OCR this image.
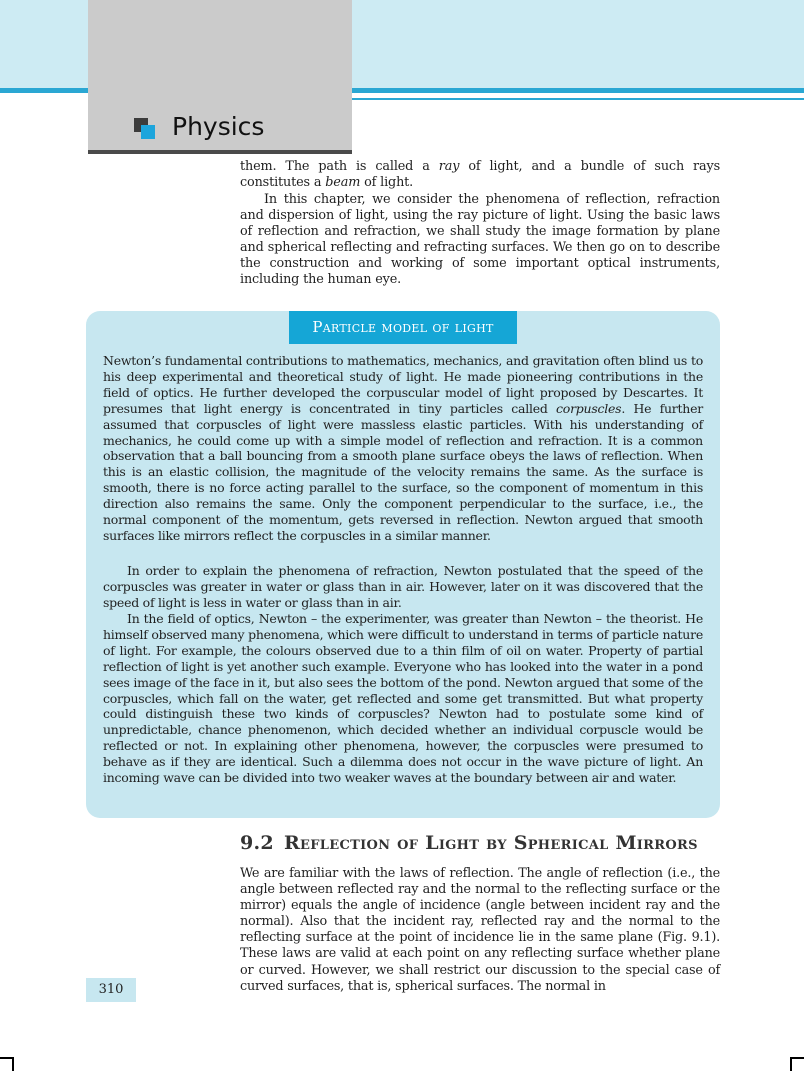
Physics

them. The path is called a ray of light, and a bundle of such rays constitutes a beam of light.

In this chapter, we consider the phenomena of reflection, refraction and dispersion of light, using the ray picture of light. Using the basic laws of reflection and refraction, we shall study the image formation by plane and spherical reflecting and refracting surfaces. We then go on to describe the construction and working of some important optical instruments, including the human eye.

Newton’s fundamental contributions to mathematics, mechanics, and gravitation often blind us to his deep experimental and theoretical study of light. He made pioneering contributions in the field of optics. He further developed the corpuscular model of light proposed by Descartes. It presumes that light energy is concentrated in tiny particles called corpuscles. He further assumed that corpuscles of light were massless elastic particles. With his understanding of mechanics, he could come up with a simple model of reflection and refraction. It is a common observation that a ball bouncing from a smooth plane surface obeys the laws of reflection. When this is an elastic collision, the magnitude of the velocity remains the same. As the surface is smooth, there is no force acting parallel to the surface, so the component of momentum in this direction also remains the same. Only the component perpendicular to the surface, i.e., the normal component of the momentum, gets reversed in reflection. Newton argued that smooth surfaces like mirrors reflect the corpuscles in a similar manner.

In order to explain the phenomena of refraction, Newton postulated that the speed of the corpuscles was greater in water or glass than in air. However, later on it was discovered that the speed of light is less in water or glass than in air.

In the field of optics, Newton – the experimenter, was greater than Newton – the theorist. He himself observed many phenomena, which were difficult to understand in terms of particle nature of light. For example, the colours observed due to a thin film of oil on water. Property of partial reflection of light is yet another such example. Everyone who has looked into the water in a pond sees image of the face in it, but also sees the bottom of the pond. Newton argued that some of the corpuscles, which fall on the water, get reflected and some get transmitted. But what property could distinguish these two kinds of corpuscles? Newton had to postulate some kind of unpredictable, chance phenomenon, which decided whether an individual corpuscle would be reflected or not. In explaining other phenomena, however, the corpuscles were presumed to behave as if they are identical. Such a dilemma does not occur in the wave picture of light. An incoming wave can be divided into two weaker waves at the boundary between air and water.

Particle model of light
9.2 Reflection of Light by Spherical Mirrors

We are familiar with the laws of reflection. The angle of reflection (i.e., the angle between reflected ray and the normal to the reflecting surface or the mirror) equals the angle of incidence (angle between incident ray and the normal). Also that the incident ray, reflected ray and the normal to the reflecting surface at the point of incidence lie in the same plane (Fig. 9.1). These laws are valid at each point on any reflecting surface whether plane or curved. However, we shall restrict our discussion to the special case of curved surfaces, that is, spherical surfaces. The normal in

310
